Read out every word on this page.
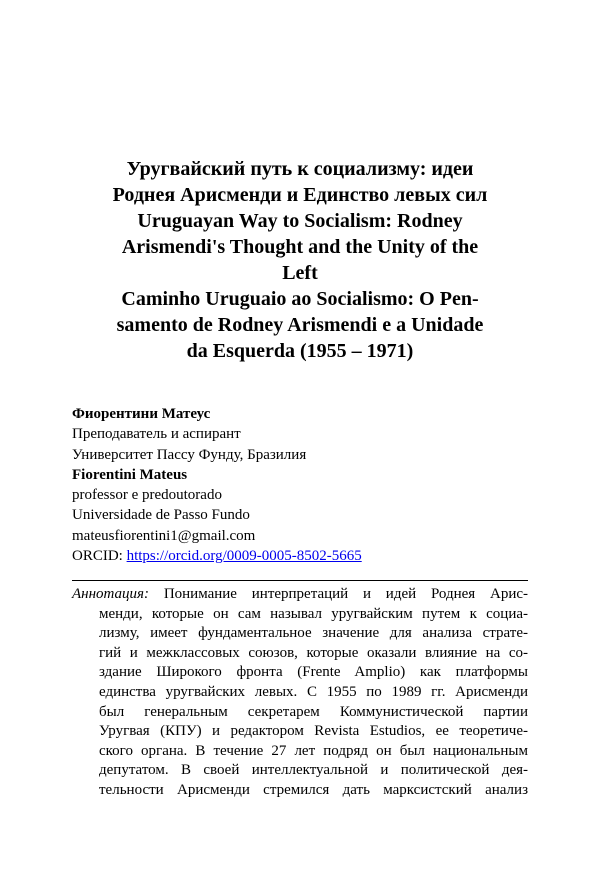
Уругвайский путь к социализму: идеи
Роднея Арисменди и Единство левых сил
Uruguayan Way to Socialism: Rodney
Arismendi's Thought and the Unity of the
Left
Caminho Uruguaio ao Socialismo: O Pen-
samento de Rodney Arismendi e a Unidade
da Esquerda (1955 – 1971)
Фиорентини Матеус
Преподаватель и аспирант
Университет Пассу Фунду, Бразилия
Fiorentini Mateus
professor e predoutorado
Universidade de Passo Fundo
mateusfiorentini1@gmail.com
ORCID: https://orcid.org/0009-0005-8502-5665
Аннотация: Понимание интерпретаций и идей Роднея Арис-
менди, которые он сам называл уругвайским путем к социа-
лизму, имеет фундаментальное значение для анализа страте-
гий и межклассовых союзов, которые оказали влияние на со-
здание Широкого фронта (Frente Amplio) как платформы
единства уругвайских левых. С 1955 по 1989 гг. Арисменди
был генеральным секретарем Коммунистической партии
Уругвая (КПУ) и редактором Revista Estudios, ее теоретиче-
ского органа. В течение 27 лет подряд он был национальным
депутатом. В своей интеллектуальной и политической дея-
тельности Арисменди стремился дать марксистский анализ
